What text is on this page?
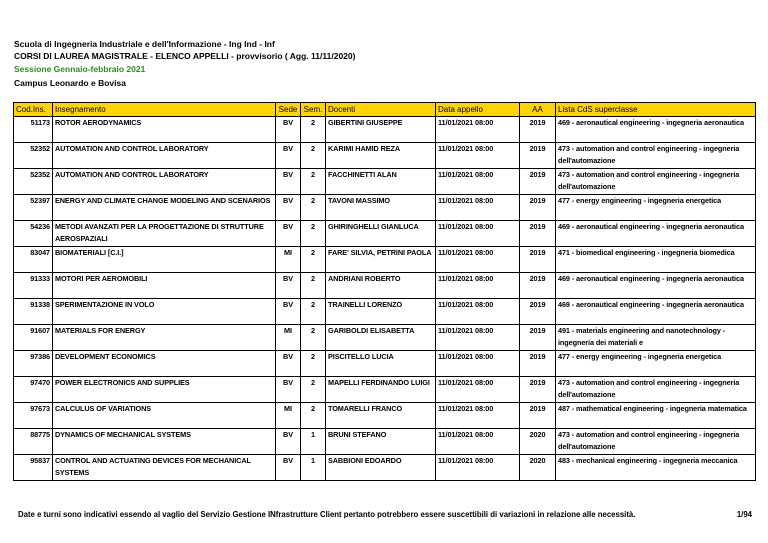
Scuola di Ingegneria Industriale e dell'Informazione - Ing Ind - Inf
CORSI DI LAUREA MAGISTRALE - ELENCO APPELLI - provvisorio ( Agg. 11/11/2020)
Sessione Gennaio-febbraio 2021
Campus Leonardo e Bovisa
Cod.Ins.	Insegnamento	Sede	Sem.	Docenti	Data appello	AA	Lista CdS superclasse
51173	ROTOR AERODYNAMICS	BV	2	GIBERTINI GIUSEPPE	11/01/2021 08:00	2019	469 - aeronautical engineering - ingegneria aeronautica
52352	AUTOMATION AND CONTROL LABORATORY	BV	2	KARIMI HAMID REZA	11/01/2021 08:00	2019	473 - automation and control engineering - ingegneria dell'automazione
52352	AUTOMATION AND CONTROL LABORATORY	BV	2	FACCHINETTI ALAN	11/01/2021 08:00	2019	473 - automation and control engineering - ingegneria dell'automazione
52397	ENERGY AND CLIMATE CHANGE MODELING AND SCENARIOS	BV	2	TAVONI MASSIMO	11/01/2021 08:00	2019	477 - energy engineering - ingegneria energetica
54236	METODI AVANZATI PER LA PROGETTAZIONE DI STRUTTURE AEROSPAZIALI	BV	2	GHIRINGHELLI GIANLUCA	11/01/2021 08:00	2019	469 - aeronautical engineering - ingegneria aeronautica
83047	BIOMATERIALI [C.I.]	MI	2	FARE' SILVIA, PETRINI PAOLA	11/01/2021 08:00	2019	471 - biomedical engineering - ingegneria biomedica
91333	MOTORI PER AEROMOBILI	BV	2	ANDRIANI ROBERTO	11/01/2021 08:00	2019	469 - aeronautical engineering - ingegneria aeronautica
91338	SPERIMENTAZIONE IN VOLO	BV	2	TRAINELLI LORENZO	11/01/2021 08:00	2019	469 - aeronautical engineering - ingegneria aeronautica
91607	MATERIALS FOR ENERGY	MI	2	GARIBOLDI ELISABETTA	11/01/2021 08:00	2019	491 - materials engineering and nanotechnology - ingegneria dei materiali e
97386	DEVELOPMENT ECONOMICS	BV	2	PISCITELLO LUCIA	11/01/2021 08:00	2019	477 - energy engineering - ingegneria energetica
97470	POWER ELECTRONICS AND SUPPLIES	BV	2	MAPELLI FERDINANDO LUIGI	11/01/2021 08:00	2019	473 - automation and control engineering - ingegneria dell'automazione
97673	CALCULUS OF VARIATIONS	MI	2	TOMARELLI FRANCO	11/01/2021 08:00	2019	487 - mathematical engineering - ingegneria matematica
88775	DYNAMICS OF MECHANICAL SYSTEMS	BV	1	BRUNI STEFANO	11/01/2021 08:00	2020	473 - automation and control engineering - ingegneria dell'automazione
95837	CONTROL AND ACTUATING DEVICES FOR MECHANICAL SYSTEMS	BV	1	SABBIONI EDOARDO	11/01/2021 08:00	2020	483 - mechanical engineering - ingegneria meccanica
Date e turni sono indicativi essendo al vaglio del Servizio Gestione INfrastrutture Client pertanto potrebbero essere suscettibili di variazioni in relazione alle necessità.	1/94
